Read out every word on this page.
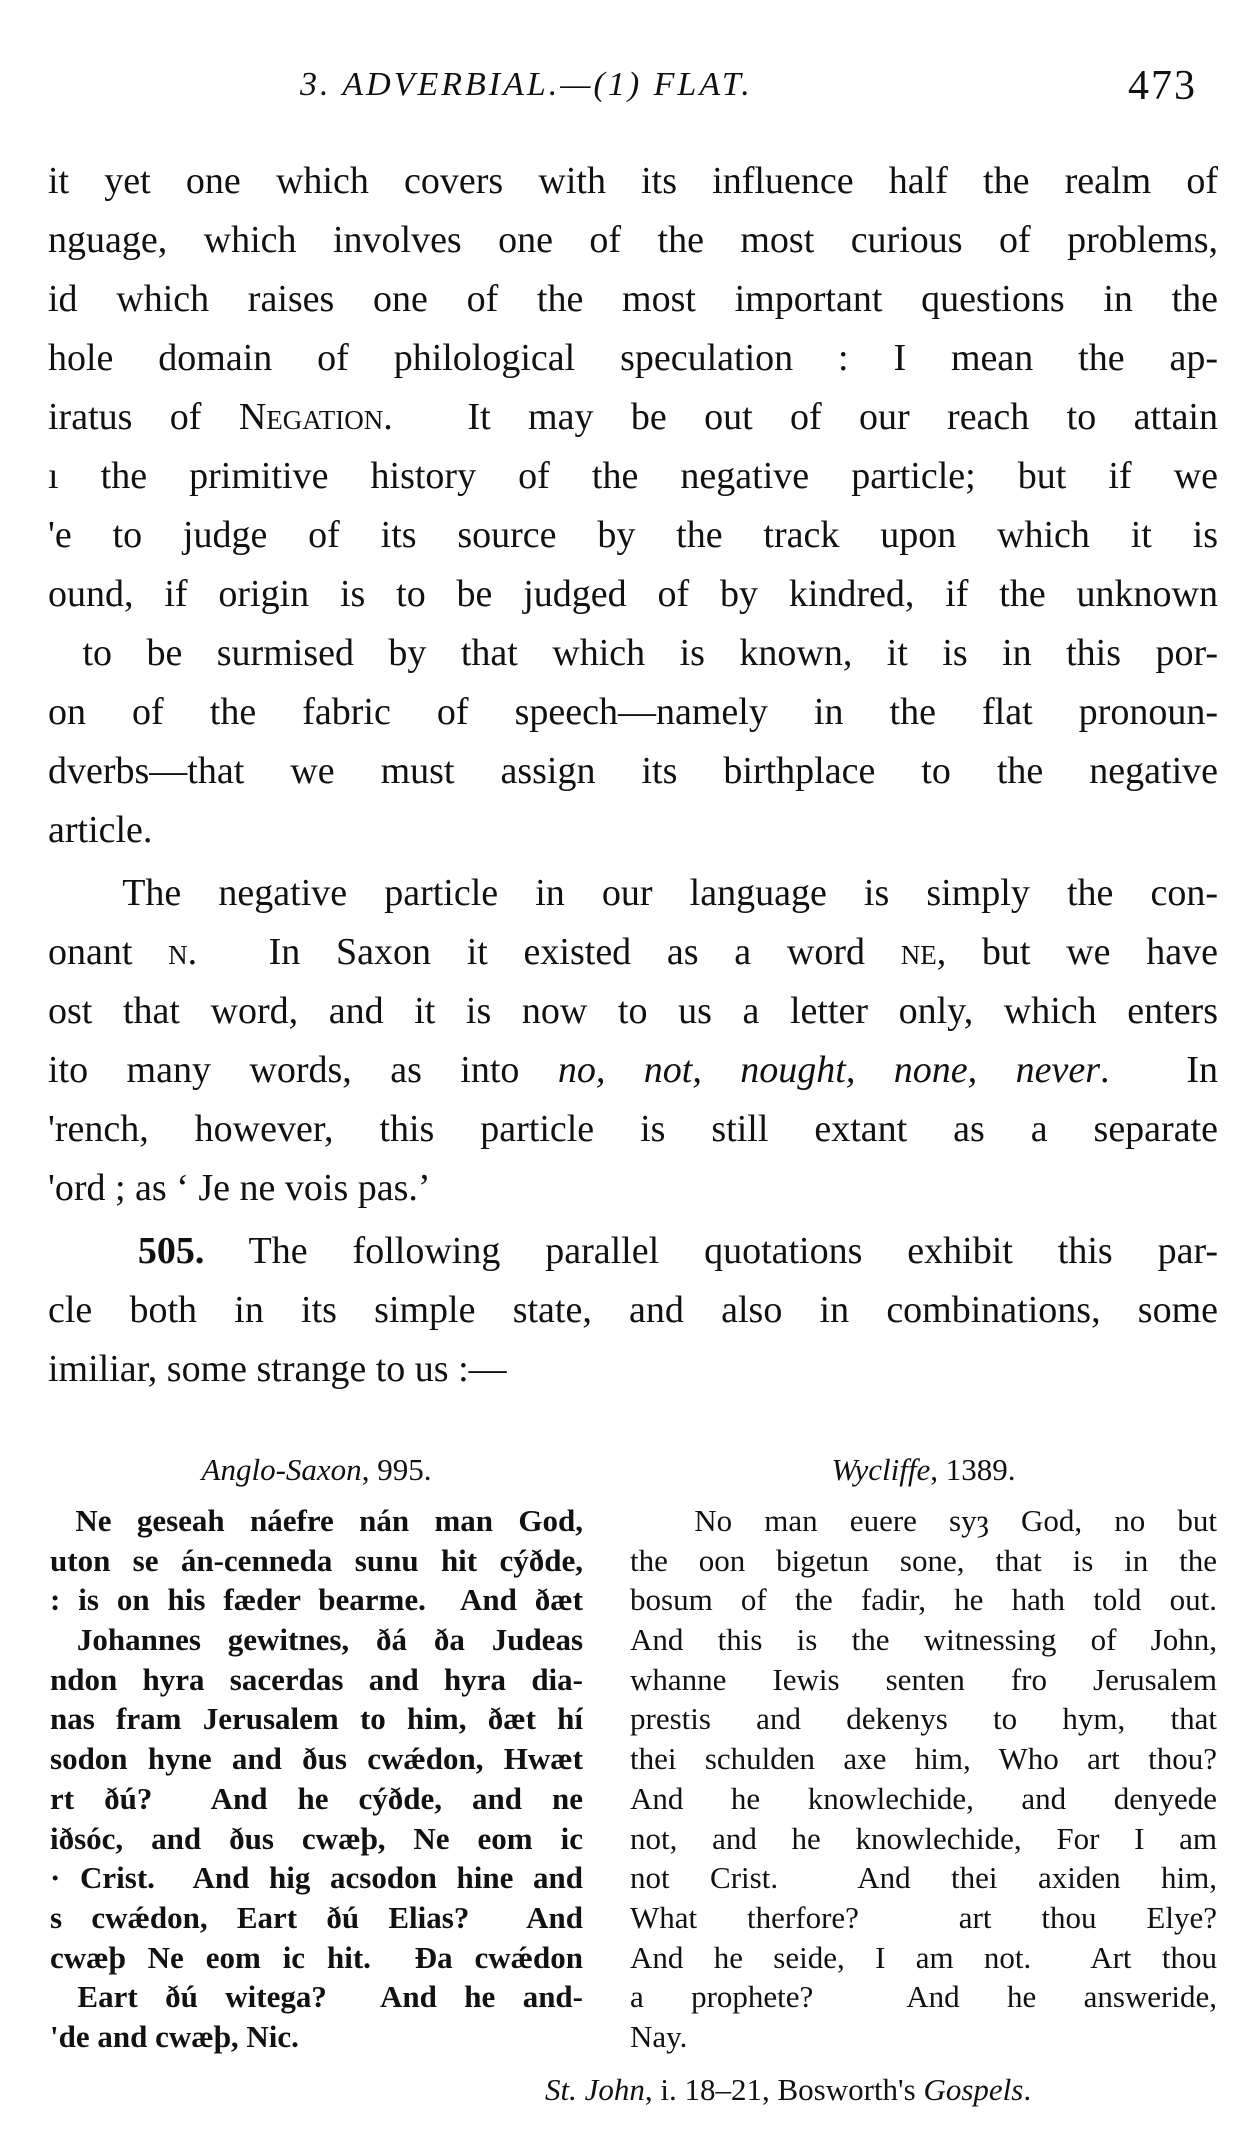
3. ADVERBIAL.—(1) FLAT.	473
it yet one which covers with its influence half the realm of
nguage, which involves one of the most curious of problems,
id which raises one of the most important questions in the
hole domain of philological speculation : I mean the ap-
iratus of Negation.  It may be out of our reach to attain
ı the primitive history of the negative particle; but if we
'e to judge of its source by the track upon which it is
ound, if origin is to be judged of by kindred, if the unknown
to be surmised by that which is known, it is in this por-
on of the fabric of speech—namely in the flat pronoun-
dverbs—that we must assign its birthplace to the negative
article.
The negative particle in our language is simply the con-
onant n.  In Saxon it existed as a word ne, but we have
ost that word, and it is now to us a letter only, which enters
ito many words, as into no, not, nought, none, never.  In
'rench, however, this particle is still extant as a separate
'ord ; as ‘ Je ne vois pas.’
505. The following parallel quotations exhibit this par-
cle both in its simple state, and also in combinations, some
imiliar, some strange to us :—
Anglo-Saxon, 995.	Wycliffe, 1389.
Ne geseah náefre nán man God,
uton se án-cenneda sunu hit cýðde,
: is on his fæder bearme.  And ðæt
Johannes gewitnes, ðá ða Judeas
ndon hyra sacerdas and hyra dia-
nas fram Jerusalem to him, ðæt hí
sodon hyne and ðus cwǽdon, Hwæt
rt ðú?  And he cýðde, and ne
iðsóc, and ðus cwæþ, Ne eom ic
· Crist.  And hig acsodon hine and
s cwǽdon, Eart ðú Elias?  And
cwæþ Ne eom ic hit.  Đa cwǽdon
Eart ðú witega?  And he and-
'de and cwæþ, Nic.
No man euere syȝ God, no but
the oon bigetun sone, that is in the
bosum of the fadir, he hath told out.
And this is the witnessing of John,
whanne Iewis senten fro Jerusalem
prestis and dekenys to hym, that
thei schulden axe him, Who art thou?
And he knowlechide, and denyede
not, and he knowlechide, For I am
not Crist.  And thei axiden him,
What therfore?  art thou Elye?
And he seide, I am not.  Art thou
a prophete?  And he answeride,
Nay.
St. John, i. 18–21, Bosworth's Gospels.
